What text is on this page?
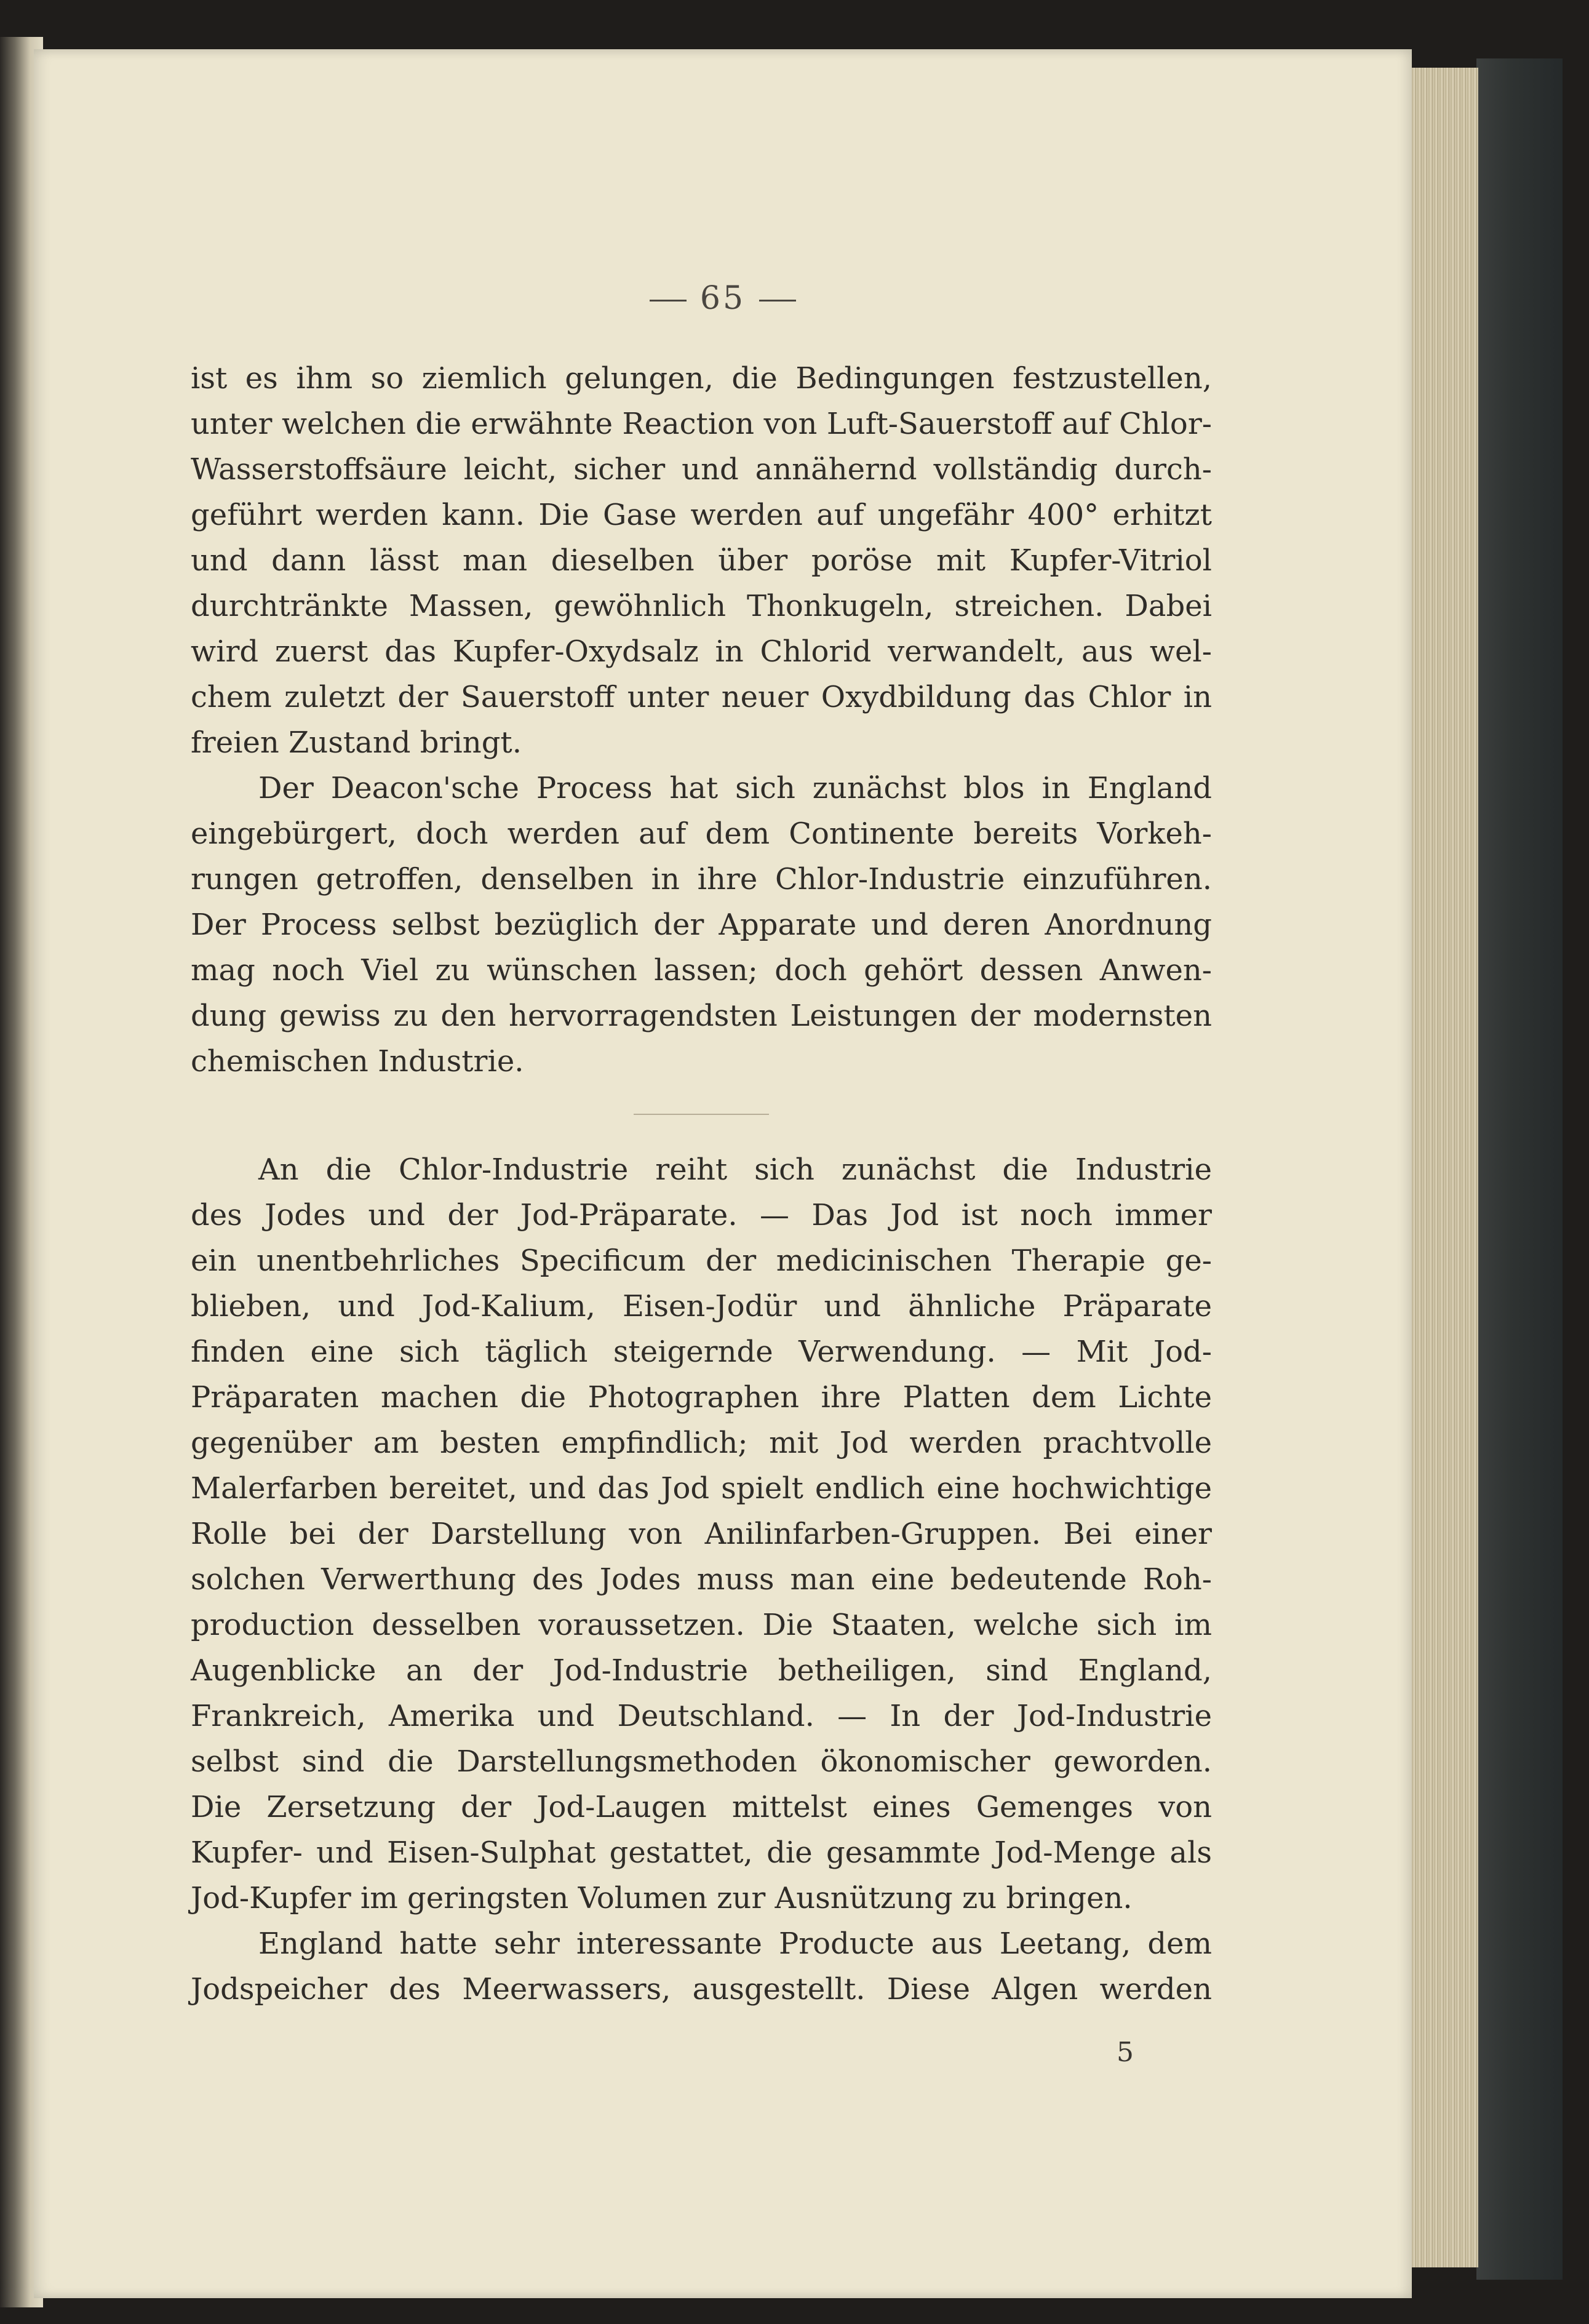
65
ist es ihm so ziemlich gelungen, die Bedingungen festzustellen,
unter welchen die erwähnte Reaction von Luft-Sauerstoff auf Chlor-
Wasserstoffsäure leicht, sicher und annähernd vollständig durch-
geführt werden kann. Die Gase werden auf ungefähr 400° erhitzt
und dann lässt man dieselben über poröse mit Kupfer-Vitriol
durchtränkte Massen, gewöhnlich Thonkugeln, streichen. Dabei
wird zuerst das Kupfer-Oxydsalz in Chlorid verwandelt, aus wel-
chem zuletzt der Sauerstoff unter neuer Oxydbildung das Chlor in
freien Zustand bringt.
Der Deacon'sche Process hat sich zunächst blos in England
eingebürgert, doch werden auf dem Continente bereits Vorkeh-
rungen getroffen, denselben in ihre Chlor-Industrie einzuführen.
Der Process selbst bezüglich der Apparate und deren Anordnung
mag noch Viel zu wünschen lassen; doch gehört dessen Anwen-
dung gewiss zu den hervorragendsten Leistungen der modernsten
chemischen Industrie.
An die Chlor-Industrie reiht sich zunächst die Industrie
des Jodes und der Jod-Präparate. — Das Jod ist noch immer
ein unentbehrliches Specificum der medicinischen Therapie ge-
blieben, und Jod-Kalium, Eisen-Jodür und ähnliche Präparate
finden eine sich täglich steigernde Verwendung. — Mit Jod-
Präparaten machen die Photographen ihre Platten dem Lichte
gegenüber am besten empfindlich; mit Jod werden prachtvolle
Malerfarben bereitet, und das Jod spielt endlich eine hochwichtige
Rolle bei der Darstellung von Anilinfarben-Gruppen. Bei einer
solchen Verwerthung des Jodes muss man eine bedeutende Roh-
production desselben voraussetzen. Die Staaten, welche sich im
Augenblicke an der Jod-Industrie betheiligen, sind England,
Frankreich, Amerika und Deutschland. — In der Jod-Industrie
selbst sind die Darstellungsmethoden ökonomischer geworden.
Die Zersetzung der Jod-Laugen mittelst eines Gemenges von
Kupfer- und Eisen-Sulphat gestattet, die gesammte Jod-Menge als
Jod-Kupfer im geringsten Volumen zur Ausnützung zu bringen.
England hatte sehr interessante Producte aus Leetang, dem
Jodspeicher des Meerwassers, ausgestellt. Diese Algen werden
5
